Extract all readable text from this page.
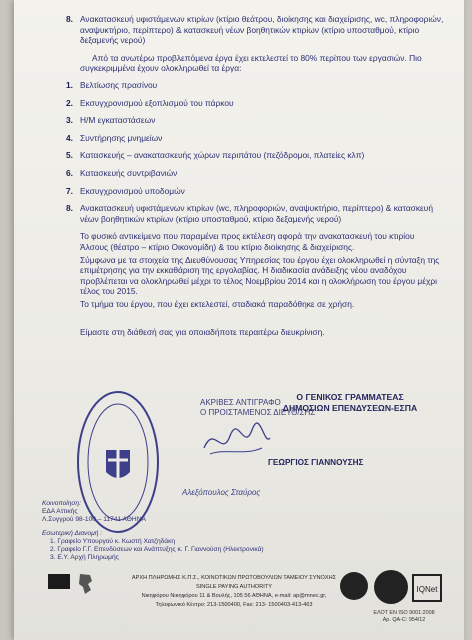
8. Ανακατασκευή υφιστάμενων κτιρίων (κτίριο θεάτρου, διοίκησης και διαχείρισης, wc, πληροφοριών, αναψυκτήριο, περίπτερο) & κατασκευή νέων βοηθητικών κτιρίων (κτίριο υποσταθμού, κτίριο δεξαμενής νερού)
Από τα ανωτέρω προβλεπόμενα έργα έχει εκτελεστεί το 80% περίπου των εργασιών. Πιο συγκεκριμμένα έχουν ολοκληρωθεί τα έργα:
1. Βελτίωσης πρασίνου
2. Εκσυγχρονισμού εξοπλισμού του πάρκου
3. Η/Μ εγκαταστάσεων
4. Συντήρησης μνημείων
5. Κατασκευής – ανακατασκευής χώρων περιπάτου (πεζόδρομοι, πλατείες κλπ)
6. Κατασκευής συντριβανιών
7. Εκσυγχρονισμού υποδομών
8. Ανακατασκευή υφιστάμενων κτιρίων (wc, πληροφοριών, αναψυκτήριο, περίπτερο) & κατασκευή νέων βοηθητικών κτιρίων (κτίριο υποσταθμού, κτίριο δεξαμενής νερού)
Το φυσικό αντικείμενο που παραμένει προς εκτέλεση αφορά την ανακατασκευή του κτιρίου Άλσους (θέατρο – κτίριο Οικονομίδη) & του κτίριο διοίκησης & διαχείρισης.
Σύμφωνα με τα στοιχεία της Διευθύνουσας Υπηρεσίας του έργου έχει ολοκληρωθεί η σύνταξη της επιμέτρησης για την εκκαθάριση της εργολαβίας. Η διαδικασία ανάδειξης νέου αναδόχου προβλέπεται να ολοκληρωθεί μέχρι το τέλος Νοεμβρίου 2014 και η ολοκλήρωση του έργου μέχρι τέλος του 2015.
Το τμήμα του έργου, που έχει εκτελεστεί, σταδιακά παραδόθηκε σε χρήση.
Είμαστε στη διάθεσή σας για οποιαδήποτε περαιτέρω διευκρίνιση.
ΑΚΡΙΒΕΣ ΑΝΤΙΓΡΑΦΟ
Ο ΠΡΟΙΣΤΑΜΕΝΟΣ ΔΙΕΥΘ/ΣΗΣ
Ο ΓΕΝΙΚΟΣ ΓΡΑΜΜΑΤΕΑΣ
ΔΗΜΟΣΙΩΝ ΕΠΕΝΔΥΣΕΩΝ-ΕΣΠΑ
ΓΕΩΡΓΙΟΣ ΓΙΑΝΝΟΥΣΗΣ
Αλεξόπουλος Σταύρος
Κοινοποίηση:
ΕΔΑ Αττικής
Λ.Συγγρού 98-100 – 11741 ΑΘΗΝΑ
Εσωτερική Διανομή :
1. Γραφείο Υπουργού κ. Κωστή Χατζηδάκη
2. Γραφείο Γ.Γ. Επενδύσεων και Ανάπτυξης κ. Γ. Γιαννούση (Ηλεκτρονικά)
3. Ε.Υ. Αρχή Πληρωμής
ΑΡΧΗ ΠΛΗΡΩΜΗΣ Κ.Π.Σ., ΚΟΙΝΟΤΙΚΩΝ ΠΡΩΤΟΒΟΥΛΙΩΝ ΤΑΜΕΙΟΥ ΣΥΝΟΧΗΣ
SINGLE PAYING AUTHORITY
Νικηφόρου Νικηφόρου 11 & Βουλής, 105 56 ΑΘΗΝΑ, e-mail: ap@mnec.gr,
Τηλεφωνικό Κέντρο: 213-1500400, Fax: 213- 1500403-413-463
IQNet
ΕΛΟΤ ΕΝ ISO 9001:2008
Αρ. QA-C: 954/12
